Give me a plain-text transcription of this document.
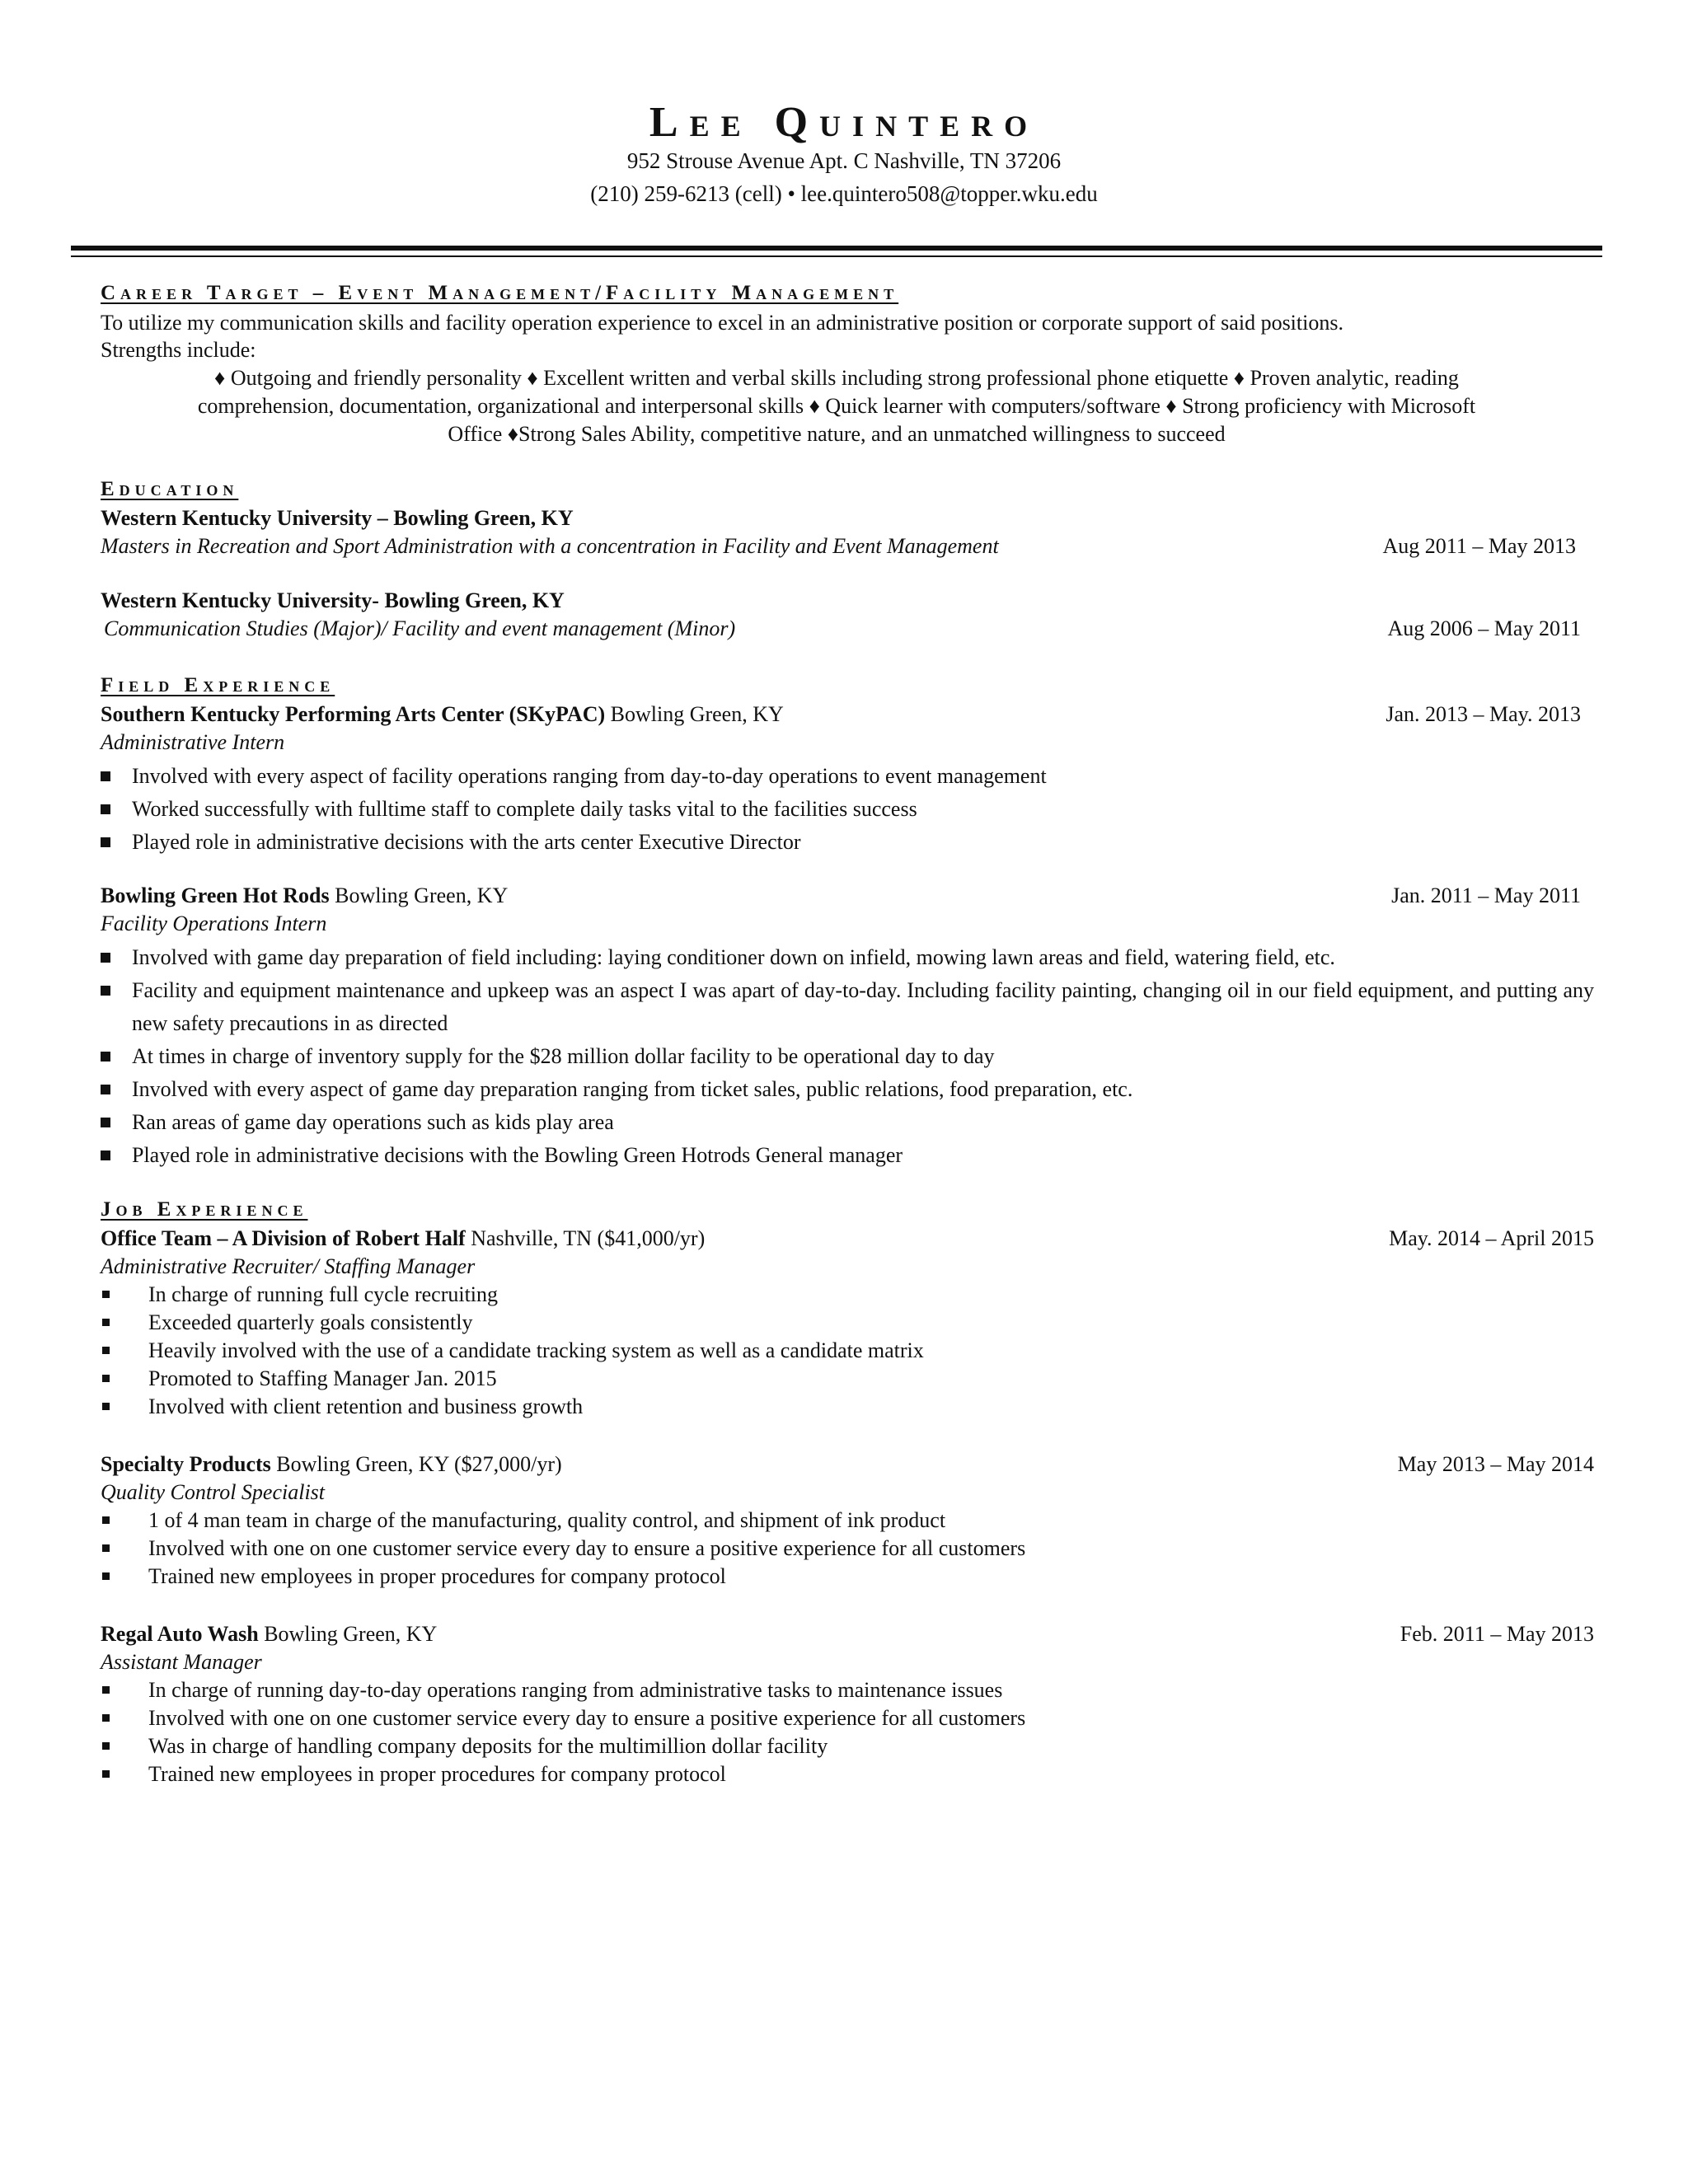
Lee Quintero

952 Strouse Avenue Apt. C Nashville, TN 37206

(210) 259-6213 (cell) • lee.quintero508@topper.wku.edu

Career Target – Event Management/Facility Management

To utilize my communication skills and facility operation experience to excel in an administrative position or corporate support of said positions.

Strengths include:

♦ Outgoing and friendly personality ♦ Excellent written and verbal skills including strong professional phone etiquette ♦ Proven analytic, reading

comprehension, documentation, organizational and interpersonal skills ♦ Quick learner with computers/software ♦ Strong proficiency with Microsoft

Office ♦Strong Sales Ability, competitive nature, and an unmatched willingness to succeed

Education

Western Kentucky University – Bowling Green, KY

Masters in Recreation and Sport Administration with a concentration in Facility and Event Management	Aug 2011 – May 2013

Western Kentucky University- Bowling Green, KY

Communication Studies (Major)/ Facility and event management (Minor)	Aug 2006 – May 2011

Field Experience

Southern Kentucky Performing Arts Center (SKyPAC) Bowling Green, KY	Jan. 2013 – May. 2013

Administrative Intern

Involved with every aspect of facility operations ranging from day-to-day operations to event management
Worked successfully with fulltime staff to complete daily tasks vital to the facilities success
Played role in administrative decisions with the arts center Executive Director

Bowling Green Hot Rods Bowling Green, KY	Jan. 2011 – May 2011

Facility Operations Intern

Involved with game day preparation of field including: laying conditioner down on infield, mowing lawn areas and field, watering field, etc.
Facility and equipment maintenance and upkeep was an aspect I was apart of day-to-day. Including facility painting, changing oil in our field equipment, and putting any new safety precautions in as directed
At times in charge of inventory supply for the $28 million dollar facility to be operational day to day
Involved with every aspect of game day preparation ranging from ticket sales, public relations, food preparation, etc.
Ran areas of game day operations such as kids play area
Played role in administrative decisions with the Bowling Green Hotrods General manager
Job Experience

Office Team – A Division of Robert Half Nashville, TN ($41,000/yr)	May. 2014 – April 2015

Administrative Recruiter/ Staffing Manager

In charge of running full cycle recruiting
Exceeded quarterly goals consistently
Heavily involved with the use of a candidate tracking system as well as a candidate matrix
Promoted to Staffing Manager Jan. 2015
Involved with client retention and business growth

Specialty Products Bowling Green, KY ($27,000/yr)	May 2013 – May 2014

Quality Control Specialist

1 of 4 man team in charge of the manufacturing, quality control, and shipment of ink product
Involved with one on one customer service every day to ensure a positive experience for all customers
Trained new employees in proper procedures for company protocol

Regal Auto Wash Bowling Green, KY	Feb. 2011 – May 2013

Assistant Manager

In charge of running day-to-day operations ranging from administrative tasks to maintenance issues
Involved with one on one customer service every day to ensure a positive experience for all customers
Was in charge of handling company deposits for the multimillion dollar facility
Trained new employees in proper procedures for company protocol
